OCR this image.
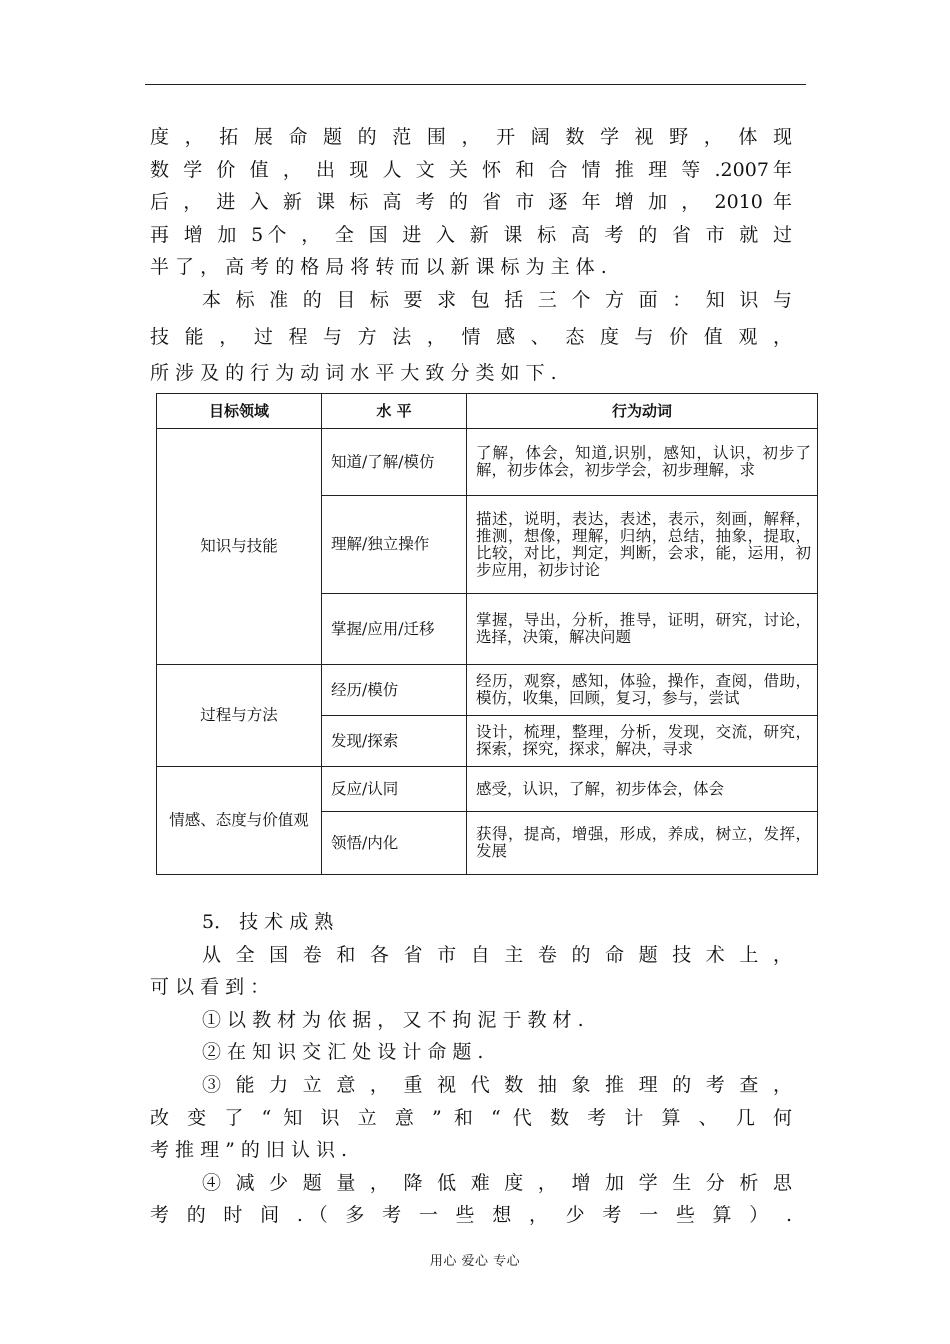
度 ， 拓 展 命 题 的 范 围 ， 开 阔 数 学 视 野 ， 体 现
数 学 价 值 ， 出 现 人 文 关 怀 和 合 情 推 理 等 .2007年
后 ， 进 入 新 课 标 高 考 的 省 市 逐 年 增 加 ， 2010 年
再 增 加 5个 ， 全 国 进 入 新 课 标 高 考 的 省 市 就 过
半 了 ， 高 考 的 格 局 将 转 而 以 新 课 标 为 主 体 .
本 标 准 的 目 标 要 求 包 括 三 个 方 面 ： 知 识 与
技 能 ， 过 程 与 方 法 ， 情 感 、 态 度 与 价 值 观 ，
所 涉 及 的 行 为 动 词 水 平 大 致 分 类 如 下 .
目标领域	水 平	行为动词
知识与技能	知道/了解/模仿	了解，体会，知道,识别，感知，认识，初步了解，初步体会，初步学会，初步理解，求
	理解/独立操作	描述，说明，表达，表述，表示，刻画，解释，推测，想像，理解，归纳，总结，抽象，提取，比较，对比，判定，判断，会求，能，运用，初步应用，初步讨论
	掌握/应用/迁移	掌握，导出，分析，推导，证明，研究，讨论，选择，决策，解决问题
过程与方法	经历/模仿	经历，观察，感知，体验，操作，查阅，借助，模仿，收集，回顾，复习，参与，尝试
	发现/探索	设计，梳理，整理，分析，发现，交流，研究，探索，探究，探求，解决，寻求
情感、态度与价值观	反应/认同	感受，认识，了解，初步体会，体会
	领悟/内化	获得，提高，增强，形成，养成，树立，发挥，发展
5． 技 术 成 熟
从 全 国 卷 和 各 省 市 自 主 卷 的 命 题 技 术 上 ，
可 以 看 到 ：
① 以 教 材 为 依 据 ， 又 不 拘 泥 于 教 材 .
② 在 知 识 交 汇 处 设 计 命 题 .
③ 能 力 立 意 ， 重 视 代 数 抽 象 推 理 的 考 查 ，
改 变 了 “ 知 识 立 意 ” 和 “ 代 数 考 计 算 、 几 何
考 推 理 ” 的 旧 认 识 .
④ 减 少 题 量 ， 降 低 难 度 ， 增 加 学 生 分 析 思
考 的 时 间 .（ 多 考 一 些 想 ， 少 考 一 些 算 ） .
用心 爱心 专心
